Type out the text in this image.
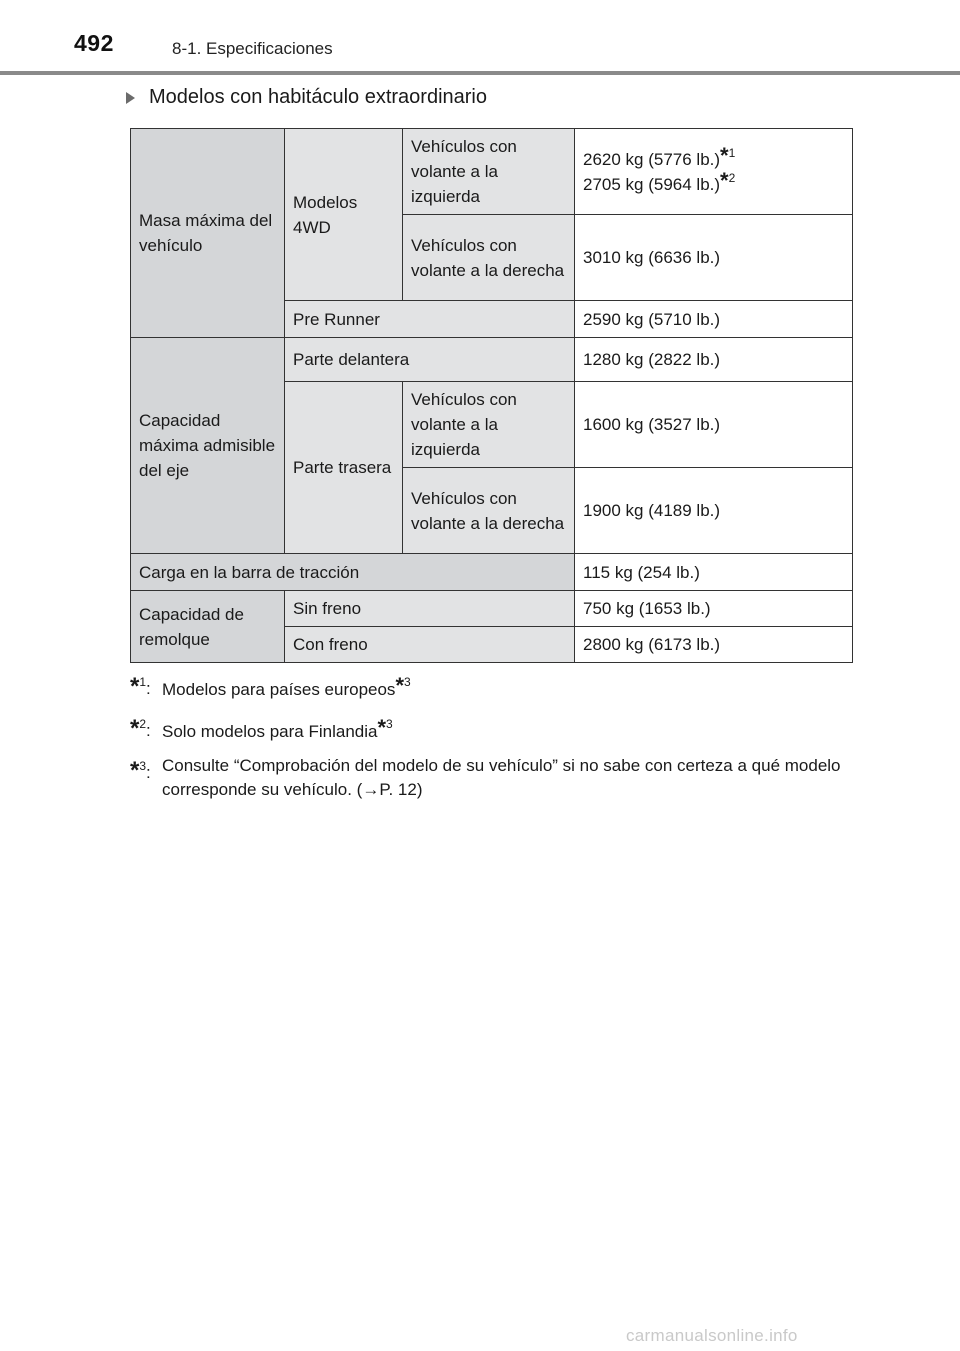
492	8-1. Especificaciones
Modelos con habitáculo extraordinario
Masa máxima del vehículo	Modelos 4WD	Vehículos con volante a la izquierda	2620 kg (5776 lb.)$^{*1}$
2705 kg (5964 lb.)$^{*2}$
		Vehículos con volante a la derecha	3010 kg (6636 lb.)
	Pre Runner		2590 kg (5710 lb.)
Capacidad máxima admisible del eje	Parte delantera		1280 kg (2822 lb.)
	Parte trasera	Vehículos con volante a la izquierda	1600 kg (3527 lb.)
		Vehículos con volante a la derecha	1900 kg (4189 lb.)
Carga en la barra de tracción			115 kg (254 lb.)
Capacidad de remolque	Sin freno		750 kg (1653 lb.)
	Con freno		2800 kg (6173 lb.)
*$^1$: Modelos para países europeos*$^3$
*$^2$: Solo modelos para Finlandia*$^3$
*$^3$: Consulte “Comprobación del modelo de su vehículo” si no sabe con certeza a qué modelo corresponde su vehículo. (→P. 12)
carmanualsonline.info
